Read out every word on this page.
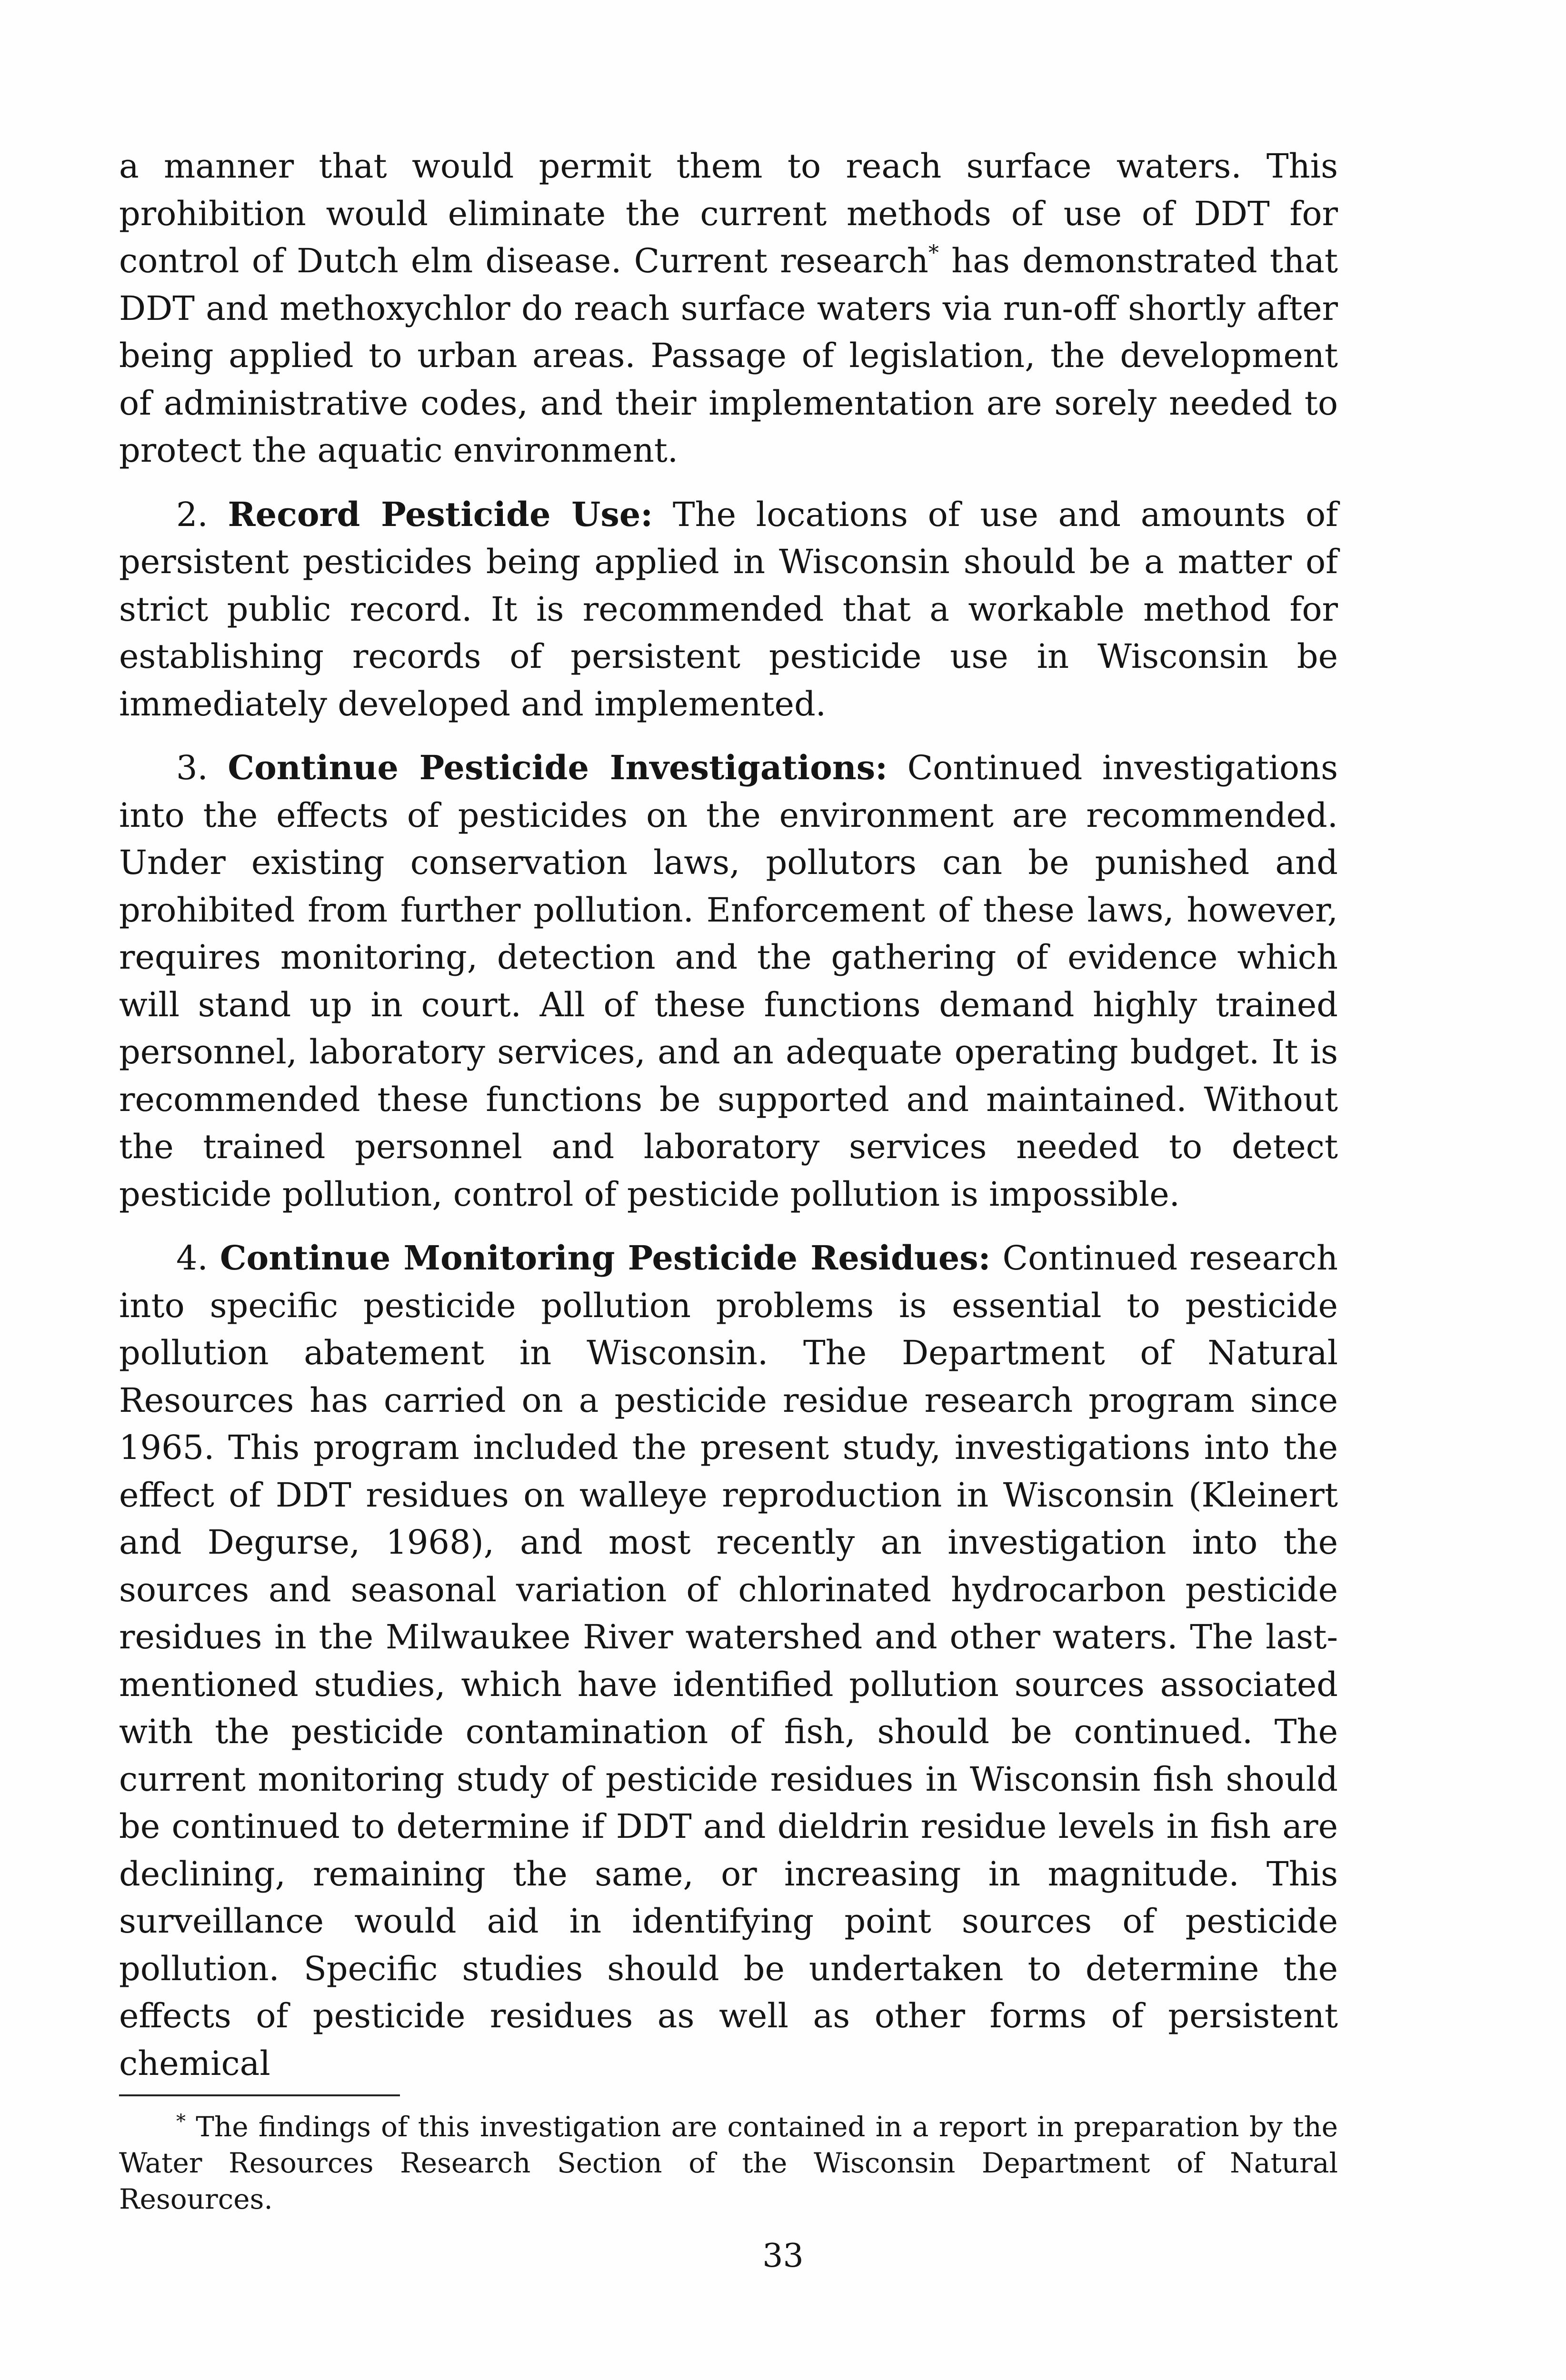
a manner that would permit them to reach surface waters. This prohibition would eliminate the current methods of use of DDT for control of Dutch elm disease. Current research* has demonstrated that DDT and methoxychlor do reach surface waters via run-off shortly after being applied to urban areas. Passage of legislation, the development of administrative codes, and their implementation are sorely needed to protect the aquatic environment.

2. Record Pesticide Use: The locations of use and amounts of persistent pesticides being applied in Wisconsin should be a matter of strict public record. It is recommended that a workable method for establishing records of persistent pesticide use in Wisconsin be immediately developed and implemented.

3. Continue Pesticide Investigations: Continued investigations into the effects of pesticides on the environment are recommended. Under existing conservation laws, pollutors can be punished and prohibited from further pollution. Enforcement of these laws, however, requires monitoring, detection and the gathering of evidence which will stand up in court. All of these functions demand highly trained personnel, laboratory services, and an adequate operating budget. It is recommended these functions be supported and maintained. Without the trained personnel and laboratory services needed to detect pesticide pollution, control of pesticide pollution is impossible.

4. Continue Monitoring Pesticide Residues: Continued research into specific pesticide pollution problems is essential to pesticide pollution abatement in Wisconsin. The Department of Natural Resources has carried on a pesticide residue research program since 1965. This program included the present study, investigations into the effect of DDT residues on walleye reproduction in Wisconsin (Kleinert and Degurse, 1968), and most recently an investigation into the sources and seasonal variation of chlorinated hydrocarbon pesticide residues in the Milwaukee River watershed and other waters. The last-mentioned studies, which have identified pollution sources associated with the pesticide contamination of fish, should be continued. The current monitoring study of pesticide residues in Wisconsin fish should be continued to determine if DDT and dieldrin residue levels in fish are declining, remaining the same, or increasing in magnitude. This surveillance would aid in identifying point sources of pesticide pollution. Specific studies should be undertaken to determine the effects of pesticide residues as well as other forms of persistent chemical

* The findings of this investigation are contained in a report in preparation by the Water Resources Research Section of the Wisconsin Department of Natural Resources.

33
